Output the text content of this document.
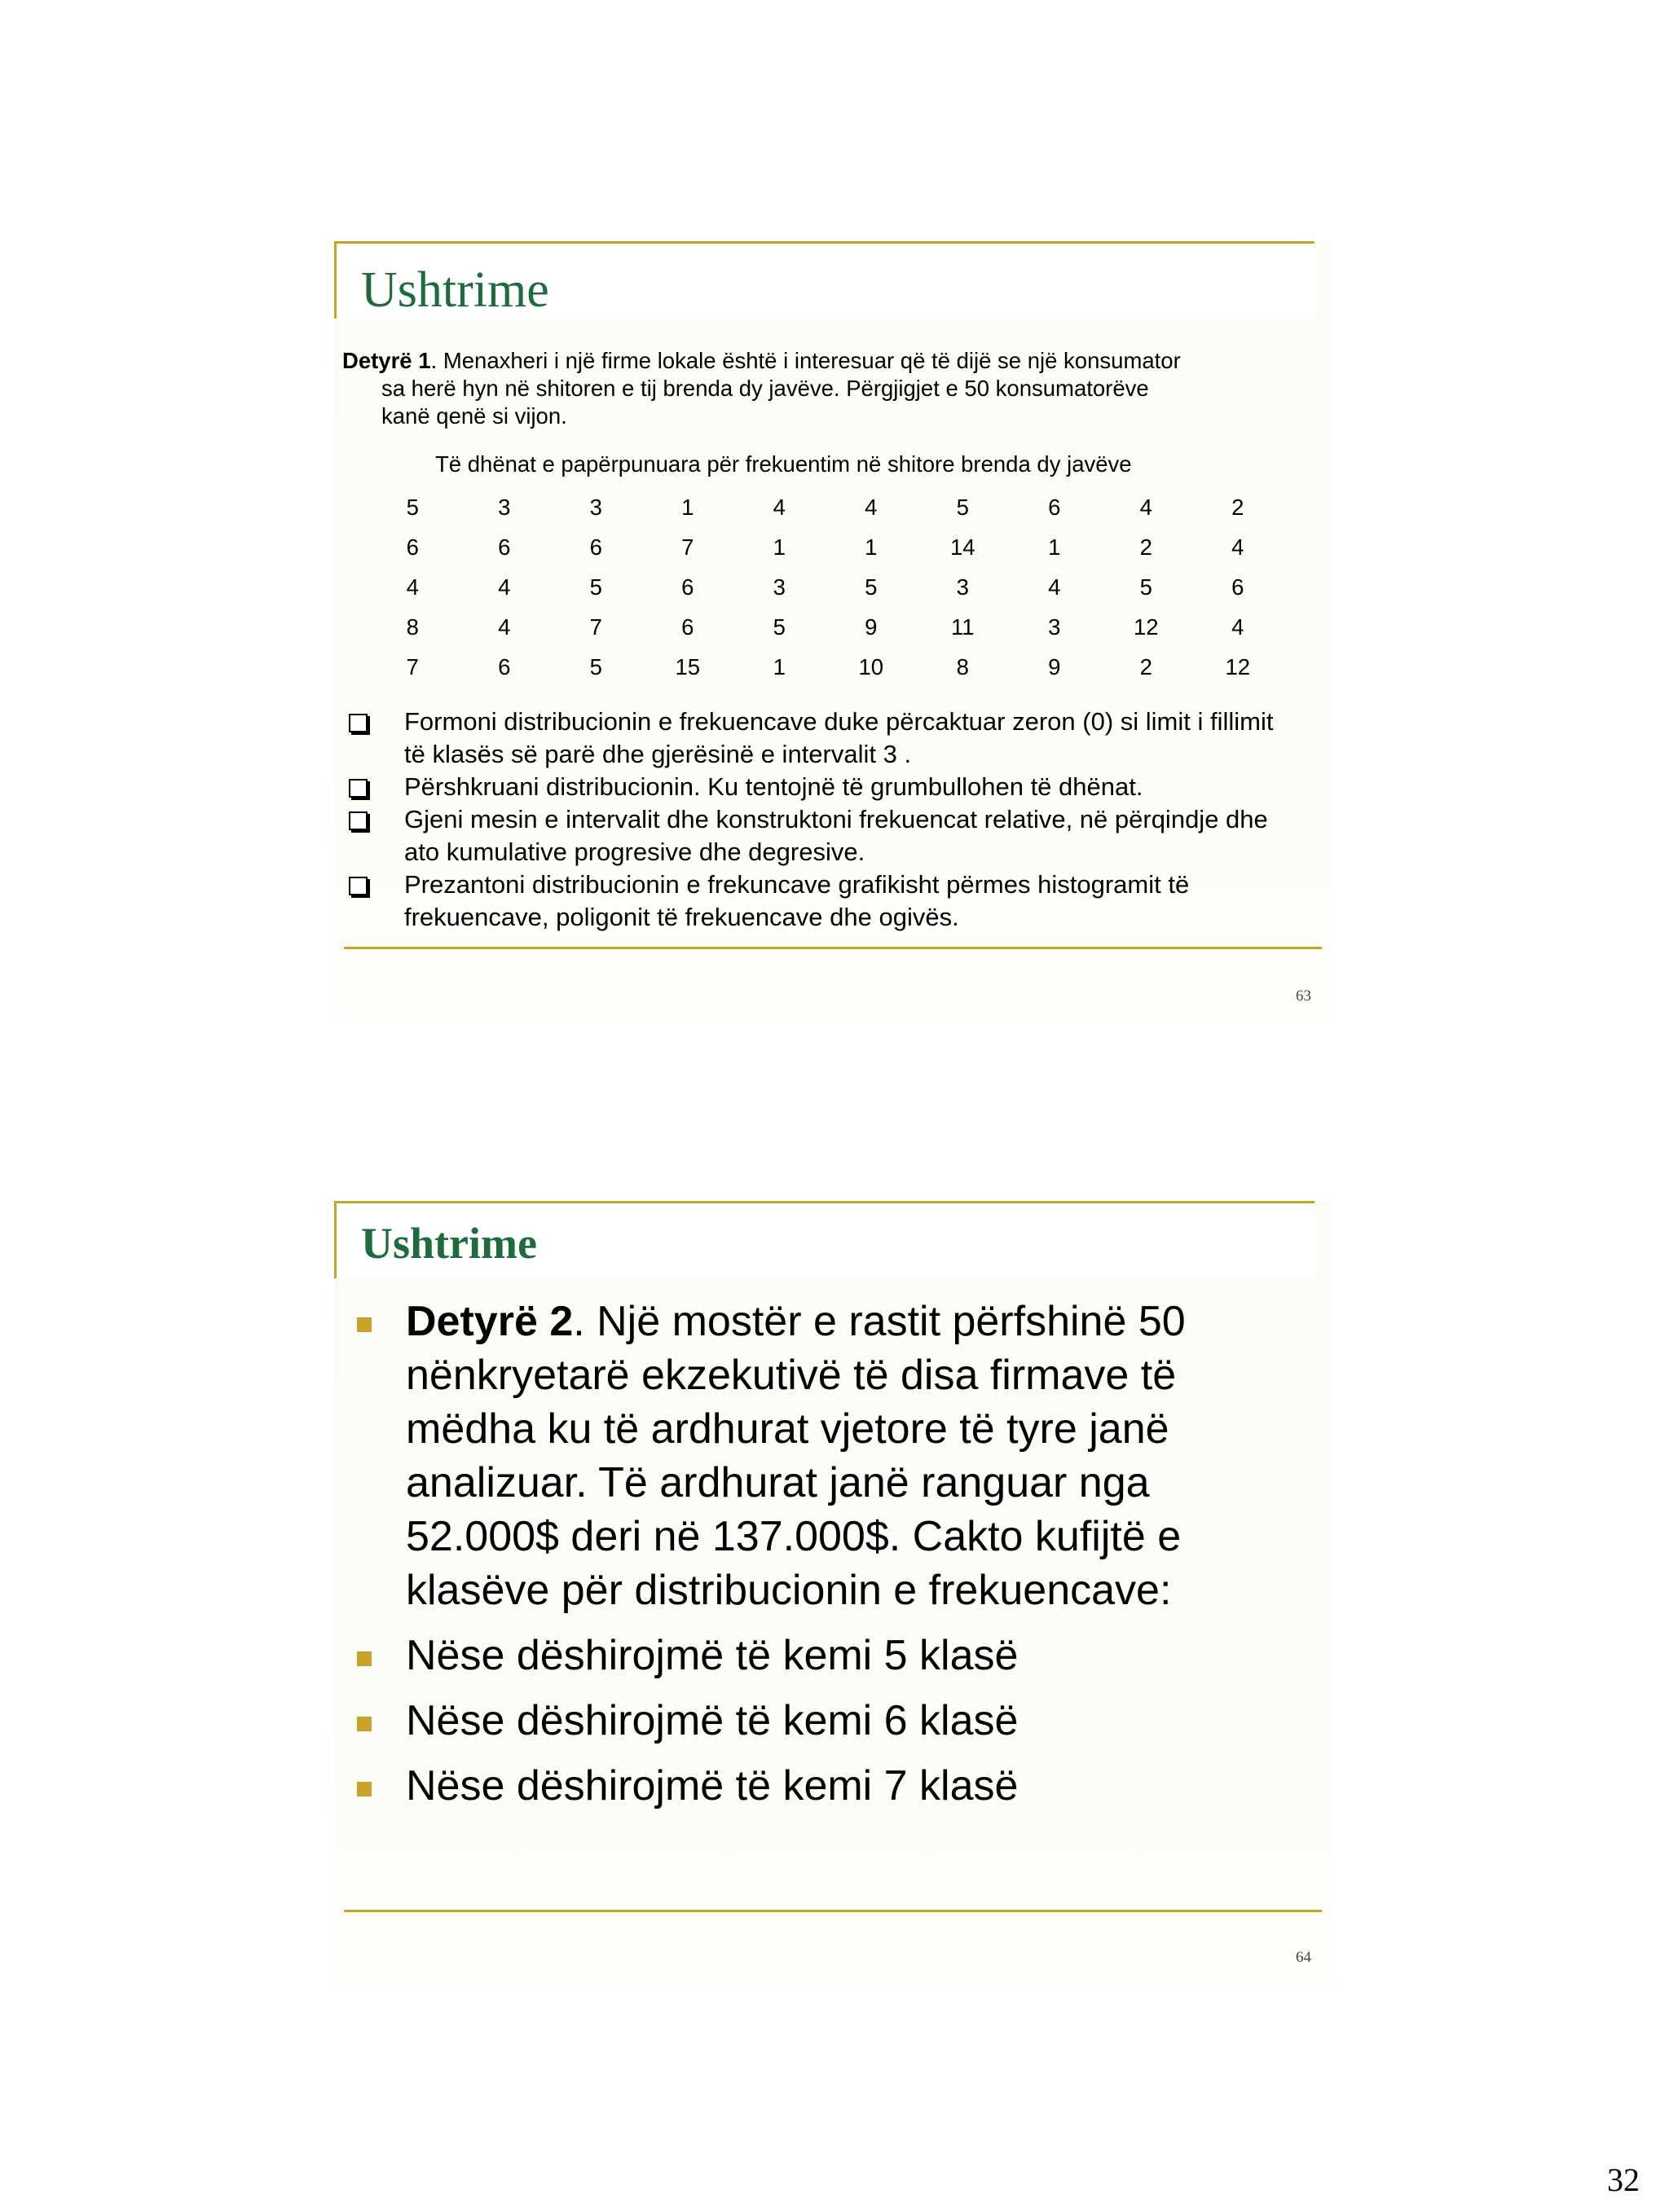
Ushtrime
Detyrë 1. Menaxheri i një firme lokale është i interesuar që të dijë se një konsumator
sa herë hyn në shitoren e tij brenda dy javëve. Përgjigjet e 50 konsumatorëve
kanë qenë si vijon.
Të dhënat e papërpunuara për frekuentim në shitore brenda dy javëve
5	3	3	1	4	4	5	6	4	2
6	6	6	7	1	1	14	1	2	4
4	4	5	6	3	5	3	4	5	6
8	4	7	6	5	9	11	3	12	4
7	6	5	15	1	10	8	9	2	12
Formoni distribucionin e frekuencave duke përcaktuar zeron (0) si limit i fillimit
të klasës së parë dhe gjerësinë e intervalit 3 .
Përshkruani distribucionin. Ku tentojnë të grumbullohen të dhënat.
Gjeni mesin e intervalit dhe konstruktoni frekuencat relative, në përqindje dhe
ato kumulative progresive dhe degresive.
Prezantoni distribucionin e frekuncave grafikisht përmes histogramit të
frekuencave, poligonit të frekuencave dhe ogivës.
63
Ushtrime
Detyrë 2. Një mostër e rastit përfshinë 50
nënkryetarë ekzekutivë të disa firmave të
mëdha ku të ardhurat vjetore të tyre janë
analizuar. Të ardhurat janë ranguar nga
52.000$ deri në 137.000$. Cakto kufijtë e
klasëve për distribucionin e frekuencave:
Nëse dëshirojmë të kemi 5 klasë
Nëse dëshirojmë të kemi 6 klasë
Nëse dëshirojmë të kemi 7 klasë
64
32
